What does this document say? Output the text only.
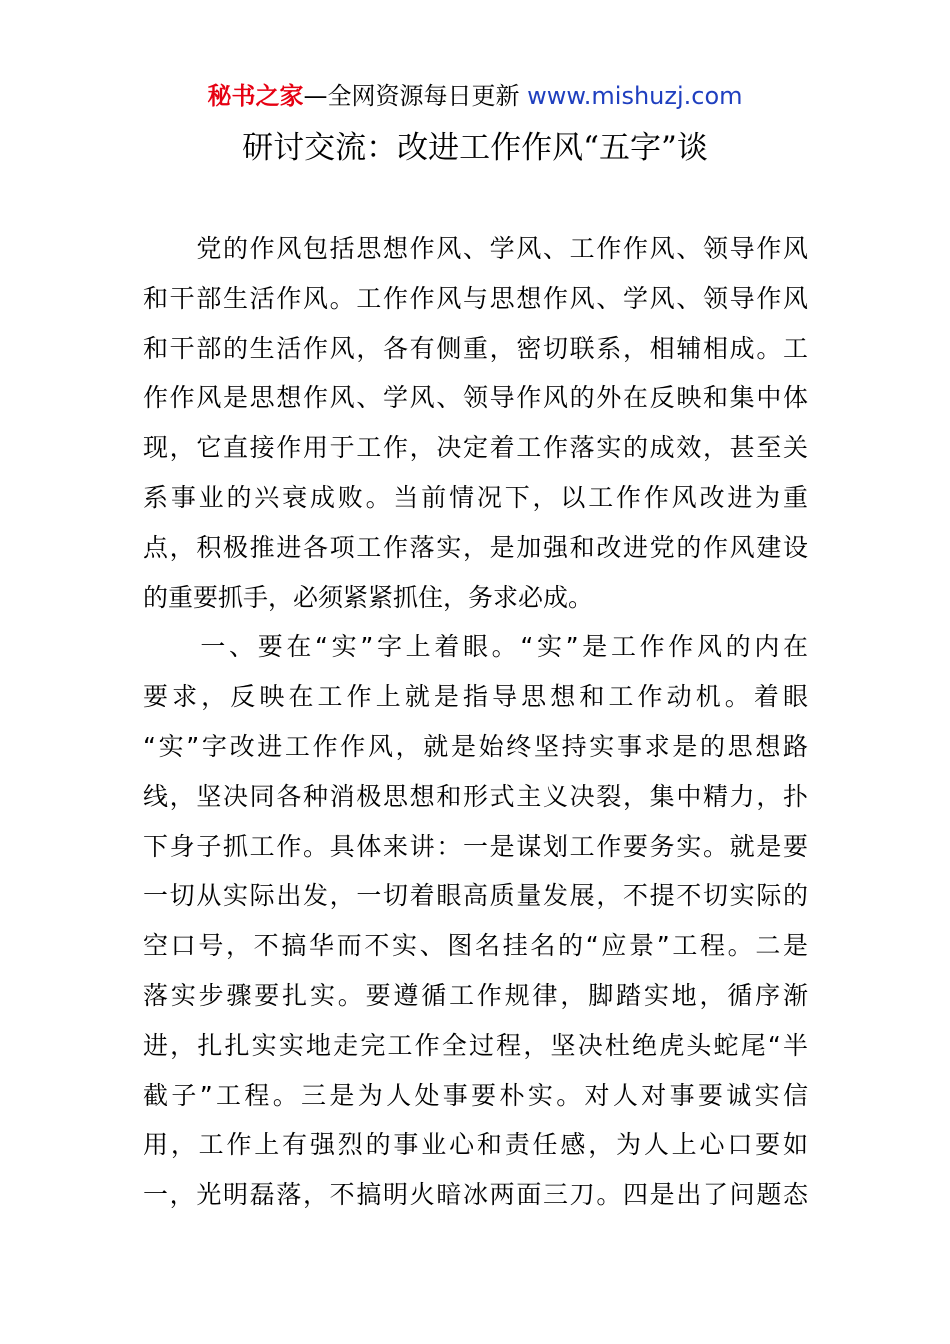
秘书之家—全网资源每日更新 www.mishuzj.com
研讨交流：改进工作作风“五字”谈
　　党的作风包括思想作风、学风、工作作风、领导作风
和干部生活作风。工作作风与思想作风、学风、领导作风
和干部的生活作风，各有侧重，密切联系，相辅相成。工
作作风是思想作风、学风、领导作风的外在反映和集中体
现，它直接作用于工作，决定着工作落实的成效，甚至关
系事业的兴衰成败。当前情况下，以工作作风改进为重
点，积极推进各项工作落实，是加强和改进党的作风建设
的重要抓手，必须紧紧抓住，务求必成。
　　一、要在“实”字上着眼。“实”是工作作风的内在
要求，反映在工作上就是指导思想和工作动机。着眼
“实”字改进工作作风，就是始终坚持实事求是的思想路
线，坚决同各种消极思想和形式主义决裂，集中精力，扑
下身子抓工作。具体来讲：一是谋划工作要务实。就是要
一切从实际出发，一切着眼高质量发展，不提不切实际的
空口号，不搞华而不实、图名挂名的“应景”工程。二是
落实步骤要扎实。要遵循工作规律，脚踏实地，循序渐
进，扎扎实实地走完工作全过程，坚决杜绝虎头蛇尾“半
截子”工程。三是为人处事要朴实。对人对事要诚实信
用，工作上有强烈的事业心和责任感，为人上心口要如
一，光明磊落，不搞明火暗冰两面三刀。四是出了问题态
